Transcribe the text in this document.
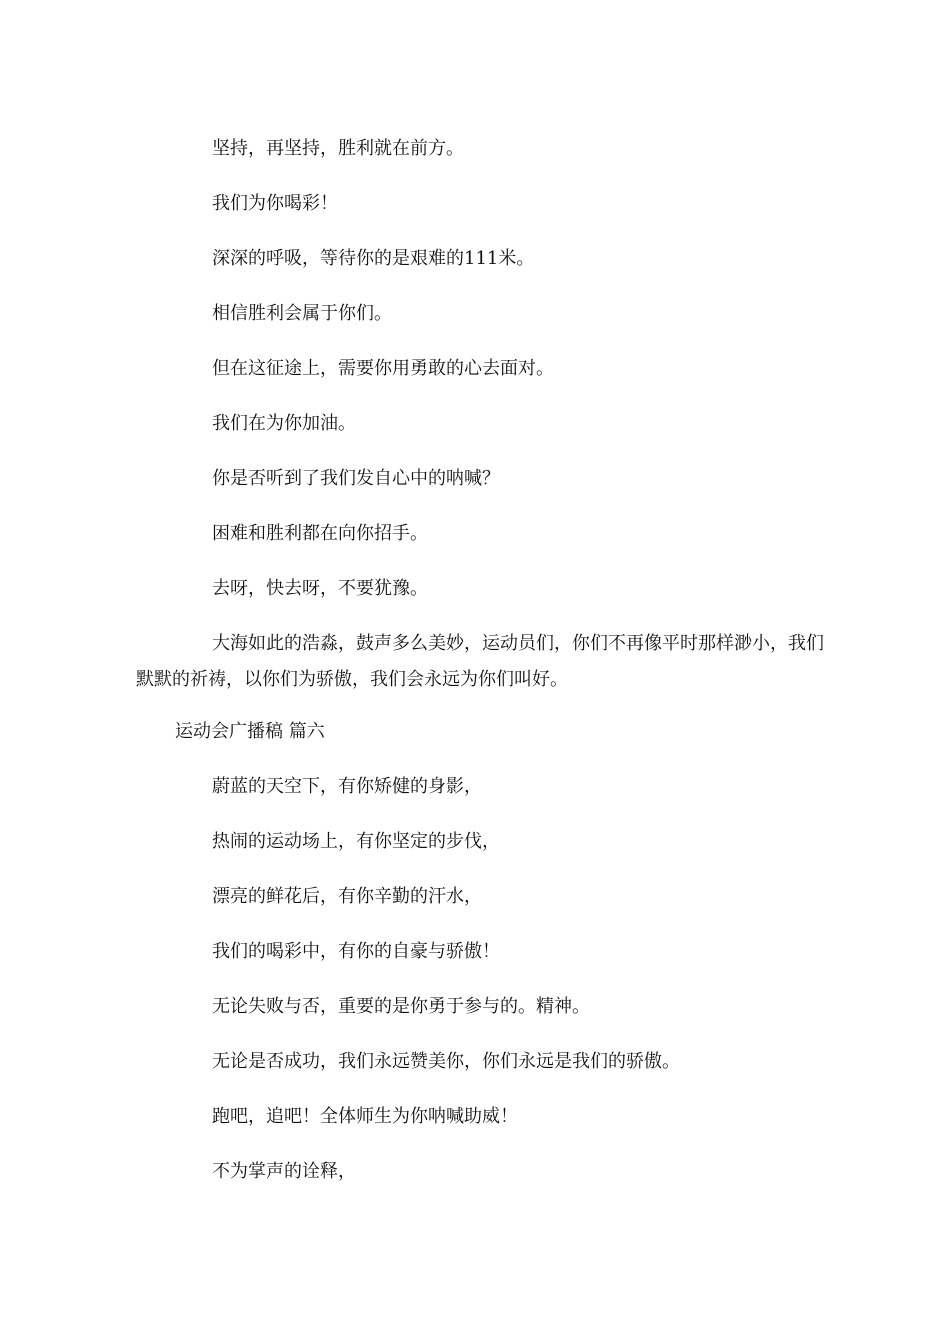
坚持，再坚持，胜利就在前方。

我们为你喝彩！

深深的呼吸，等待你的是艰难的111米。

相信胜利会属于你们。

但在这征途上，需要你用勇敢的心去面对。

我们在为你加油。

你是否听到了我们发自心中的呐喊？

困难和胜利都在向你招手。

去呀，快去呀，不要犹豫。

大海如此的浩淼，鼓声多么美妙，运动员们，你们不再像平时那样渺小，我们默默的祈祷，以你们为骄傲，我们会永远为你们叫好。

运动会广播稿 篇六

蔚蓝的天空下，有你矫健的身影，

热闹的运动场上，有你坚定的步伐，

漂亮的鲜花后，有你辛勤的汗水，

我们的喝彩中，有你的自豪与骄傲！

无论失败与否，重要的是你勇于参与的。精神。

无论是否成功，我们永远赞美你，你们永远是我们的骄傲。

跑吧，追吧！全体师生为你呐喊助威！

不为掌声的诠释，
